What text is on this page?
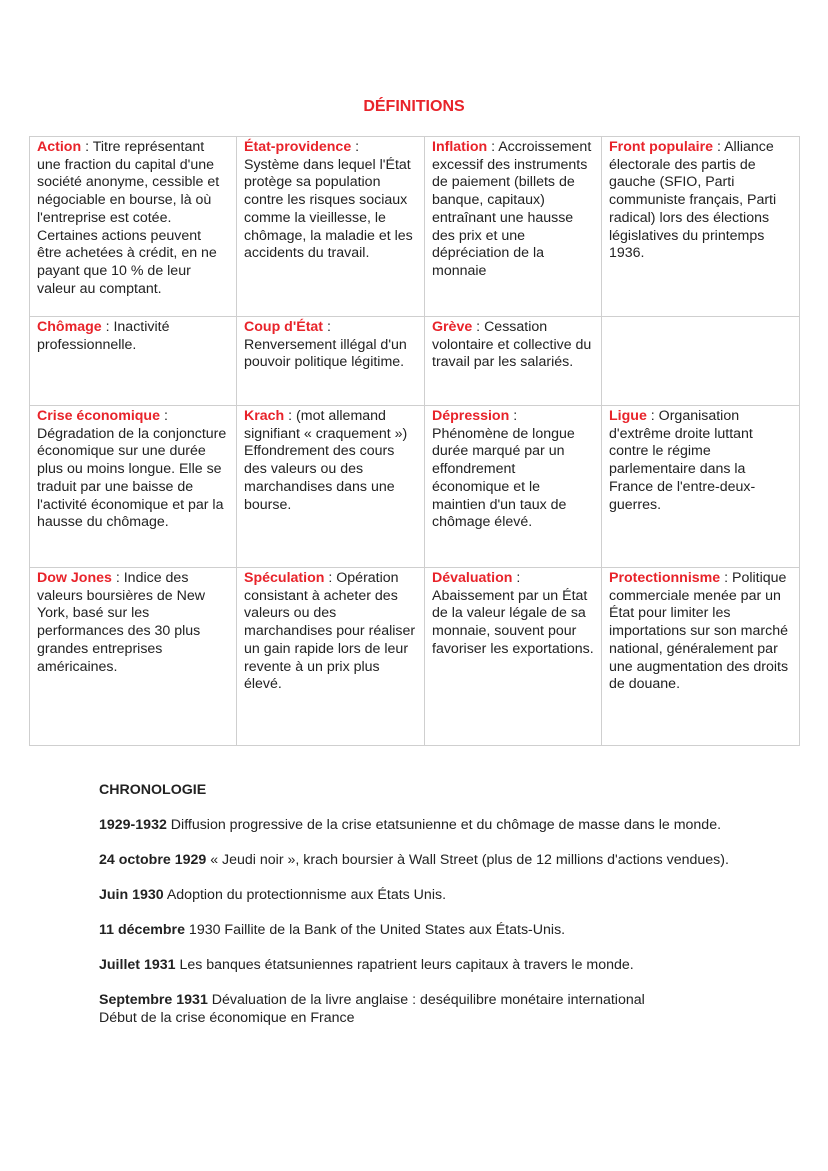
DÉFINITIONS
Action : Titre représentant une fraction du capital d'une société anonyme, cessible et négociable en bourse, là où l'entreprise est cotée. Certaines actions peuvent être achetées à crédit, en ne payant que 10 % de leur valeur au comptant.	État-providence : Système dans lequel l'État protège sa population contre les risques sociaux comme la vieillesse, le chômage, la maladie et les accidents du travail.	Inflation : Accroissement excessif des instruments de paiement (billets de banque, capitaux) entraînant une hausse des prix et une dépréciation de la monnaie	Front populaire : Alliance électorale des partis de gauche (SFIO, Parti communiste français, Parti radical) lors des élections législatives du printemps 1936.
Chômage : Inactivité professionnelle.	Coup d'État : Renversement illégal d'un pouvoir politique légitime.	Grève : Cessation volontaire et collective du travail par les salariés.	
Crise économique : Dégradation de la conjoncture économique sur une durée plus ou moins longue. Elle se traduit par une baisse de l'activité économique et par la hausse du chômage.	Krach : (mot allemand signifiant « craquement ») Effondrement des cours des valeurs ou des marchandises dans une bourse.	Dépression : Phénomène de longue durée marqué par un effondrement économique et le maintien d'un taux de chômage élevé.	Ligue : Organisation d'extrême droite luttant contre le régime parlementaire dans la France de l'entre-deux-guerres.
Dow Jones : Indice des valeurs boursières de New York, basé sur les performances des 30 plus grandes entreprises américaines.	Spéculation : Opération consistant à acheter des valeurs ou des marchandises pour réaliser un gain rapide lors de leur revente à un prix plus élevé.	Dévaluation : Abaissement par un État de la valeur légale de sa monnaie, souvent pour favoriser les exportations.	Protectionnisme : Politique commerciale menée par un État pour limiter les importations sur son marché national, généralement par une augmentation des droits de douane.
CHRONOLOGIE

1929-1932 Diffusion progressive de la crise etatsunienne et du chômage de masse dans le monde.

24 octobre 1929 « Jeudi noir », krach boursier à Wall Street (plus de 12 millions d'actions vendues).

Juin 1930 Adoption du protectionnisme aux États Unis.

11 décembre 1930 Faillite de la Bank of the United States aux États-Unis.

Juillet 1931 Les banques étatsuniennes rapatrient leurs capitaux à travers le monde.

Septembre 1931 Dévaluation de la livre anglaise : deséquilibre monétaire international
Début de la crise économique en France
